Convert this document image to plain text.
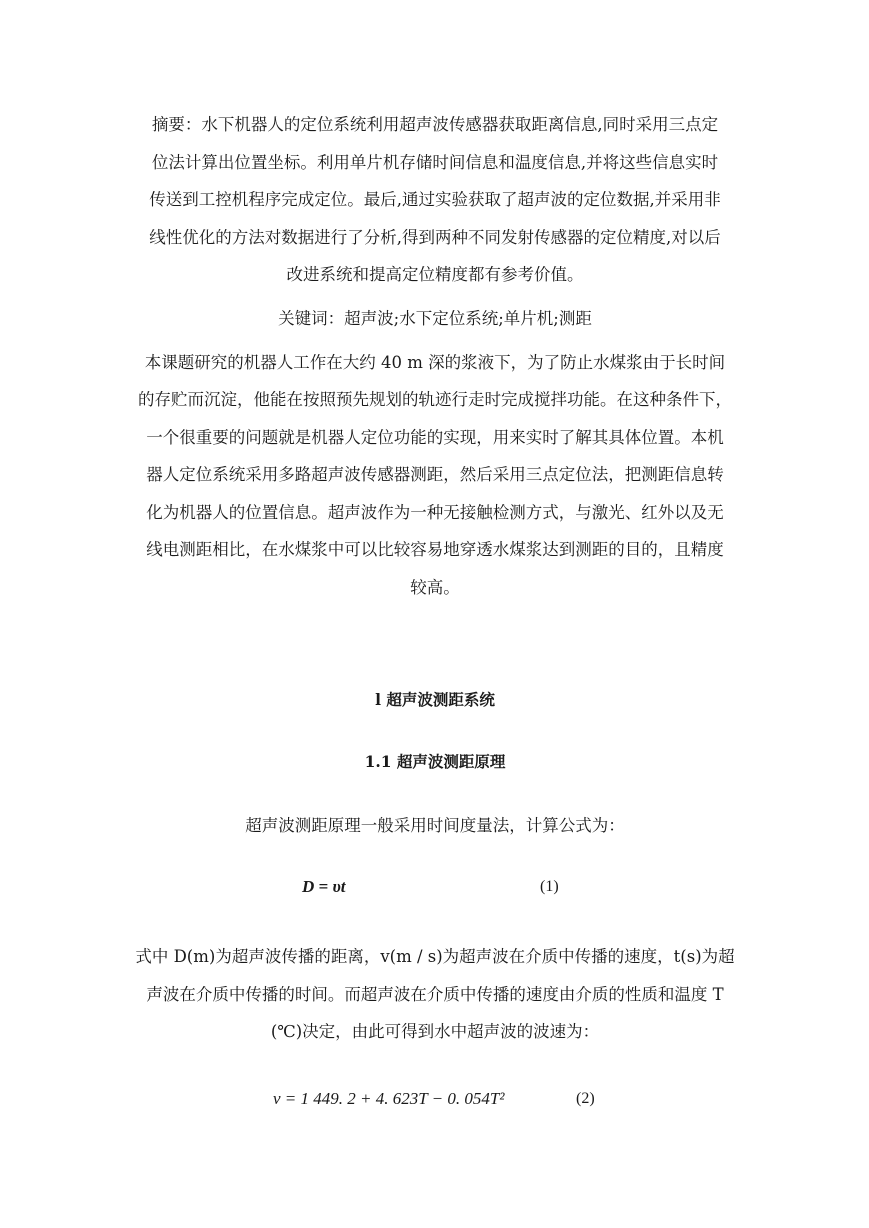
摘要：水下机器人的定位系统利用超声波传感器获取距离信息,同时采用三点定

位法计算出位置坐标。利用单片机存储时间信息和温度信息,并将这些信息实时

传送到工控机程序完成定位。最后,通过实验获取了超声波的定位数据,并采用非

线性优化的方法对数据进行了分析,得到两种不同发射传感器的定位精度,对以后

改进系统和提高定位精度都有参考价值。

关键词：超声波;水下定位系统;单片机;测距

本课题研究的机器人工作在大约 40 m 深的浆液下，为了防止水煤浆由于长时间

的存贮而沉淀，他能在按照预先规划的轨迹行走时完成搅拌功能。在这种条件下，

一个很重要的问题就是机器人定位功能的实现，用来实时了解其具体位置。本机

器人定位系统采用多路超声波传感器测距，然后采用三点定位法，把测距信息转

化为机器人的位置信息。超声波作为一种无接触检测方式，与激光、红外以及无

线电测距相比，在水煤浆中可以比较容易地穿透水煤浆达到测距的目的，且精度

较高。

l 超声波测距系统
1.1 超声波测距原理

超声波测距原理一般采用时间度量法，计算公式为：

D = υt	(1)

式中 D(m)为超声波传播的距离，v(m / s)为超声波在介质中传播的速度，t(s)为超

声波在介质中传播的时间。而超声波在介质中传播的速度由介质的性质和温度 T

(℃)决定，由此可得到水中超声波的波速为：

v = 1 449. 2 + 4. 623T − 0. 054T²	(2)
